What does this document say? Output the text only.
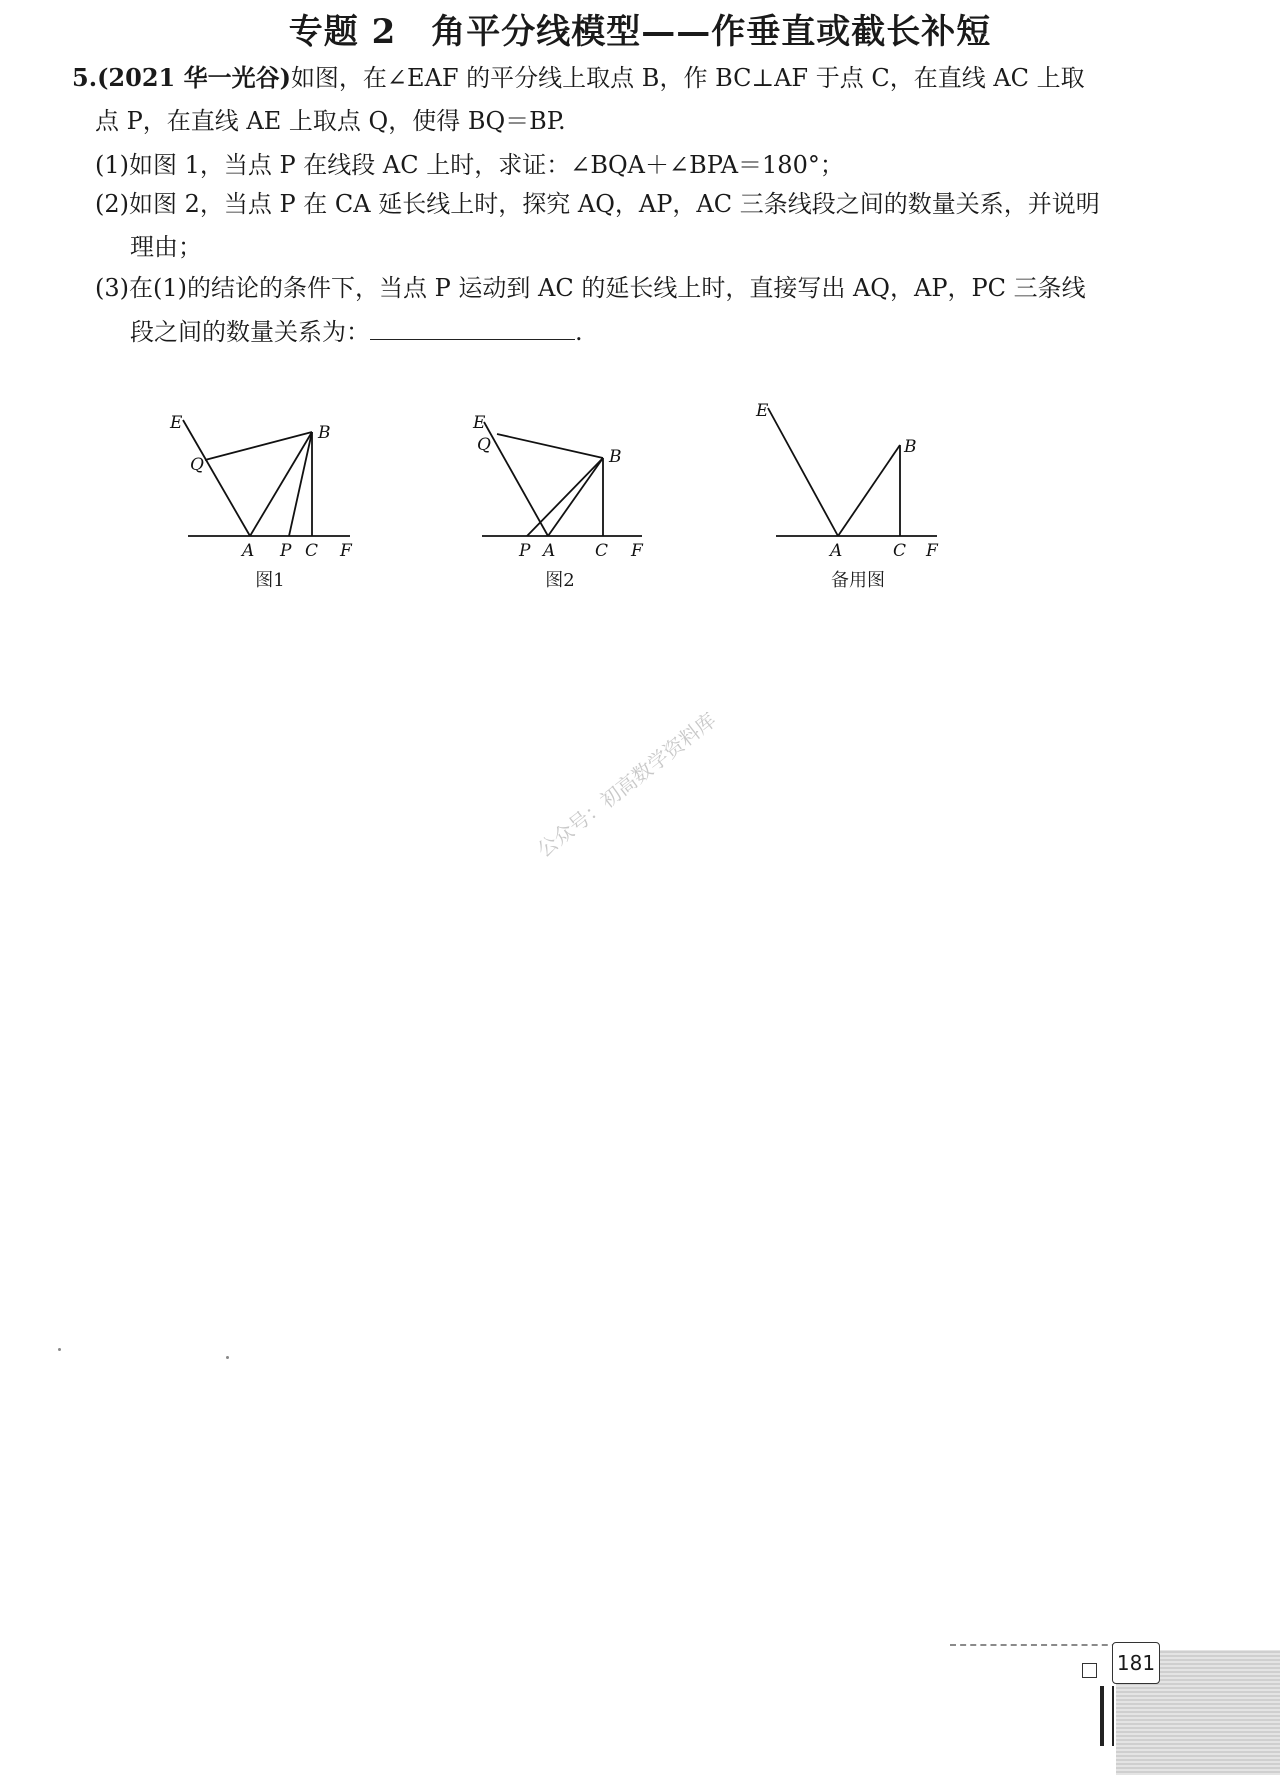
专题 2　角平分线模型——作垂直或截长补短
5.(2021 华一光谷)如图，在∠EAF 的平分线上取点 B，作 BC⊥AF 于点 C，在直线 AC 上取
点 P，在直线 AE 上取点 Q，使得 BQ＝BP.
(1)如图 1，当点 P 在线段 AC 上时，求证：∠BQA＋∠BPA＝180°；
(2)如图 2，当点 P 在 CA 延长线上时，探究 AQ，AP，AC 三条线段之间的数量关系，并说明
理由；
(3)在(1)的结论的条件下，当点 P 运动到 AC 的延长线上时，直接写出 AQ，AP，PC 三条线
段之间的数量关系为：	.
E
Q
B
A P C F
图1
E
Q
B
P A C F
图2
E
B
A	C F
备用图
公众号：初高数学资料库
181
